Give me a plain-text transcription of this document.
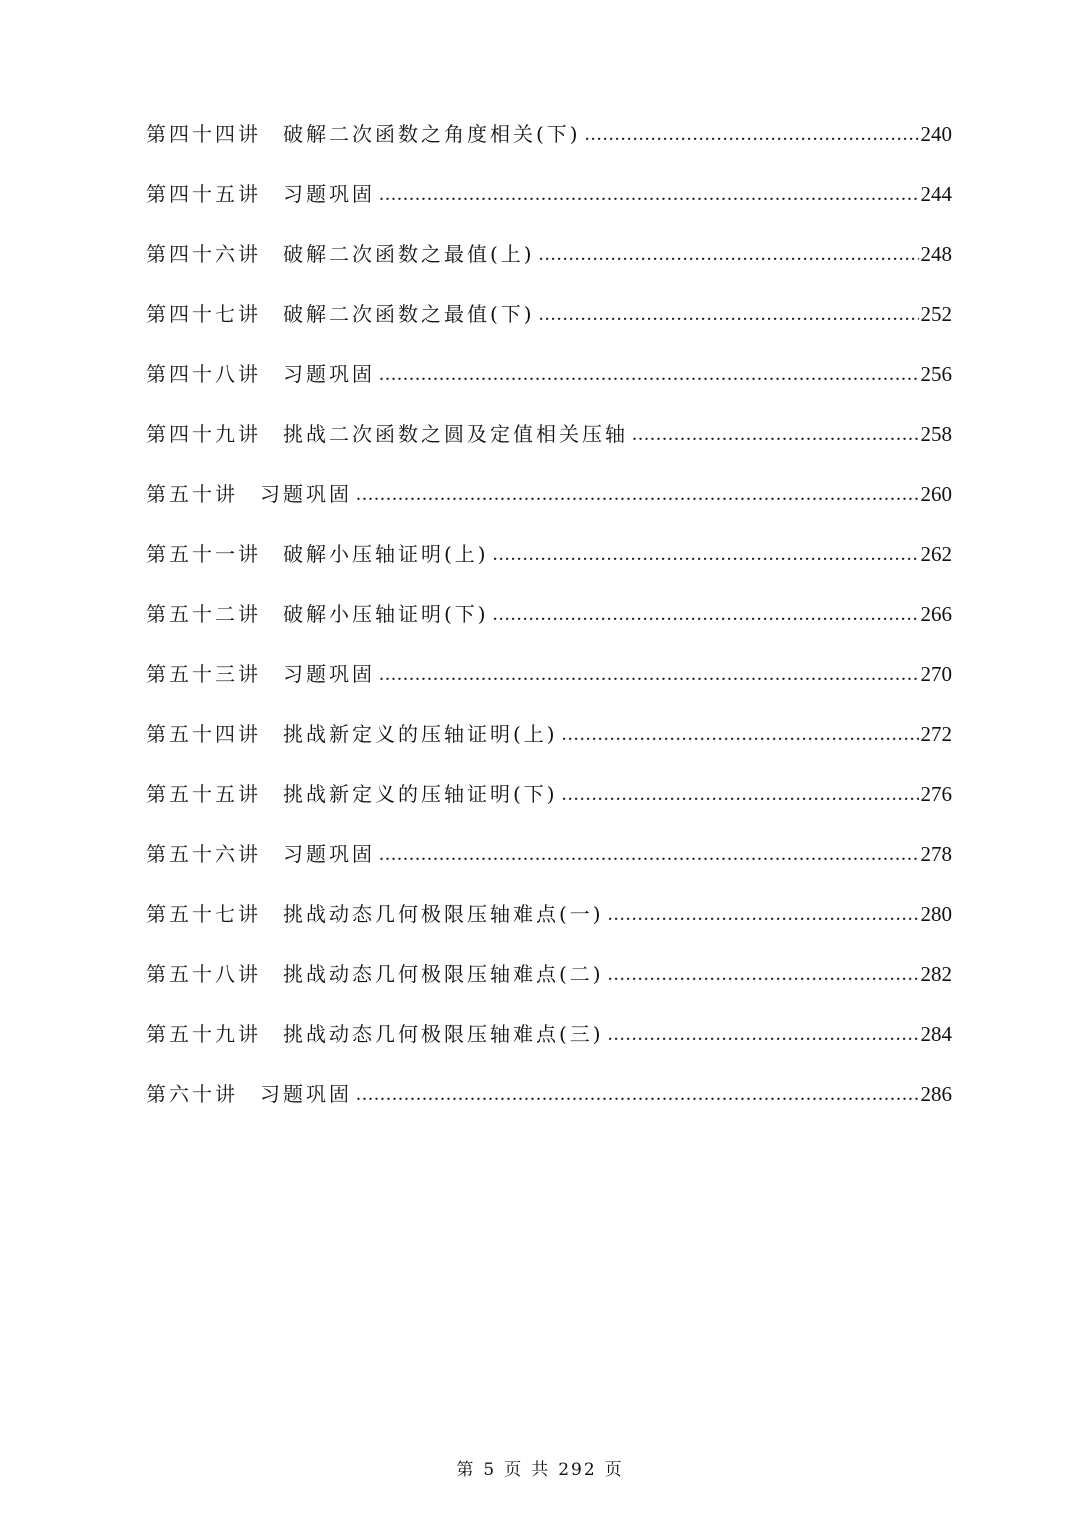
第四十四讲 破解二次函数之角度相关(下) .....	240
第四十五讲 习题巩固 .....	244
第四十六讲 破解二次函数之最值(上) .....	248
第四十七讲 破解二次函数之最值(下) .....	252
第四十八讲 习题巩固 .....	256
第四十九讲 挑战二次函数之圆及定值相关压轴 .....	258
第五十讲 习题巩固 .....	260
第五十一讲 破解小压轴证明(上) .....	262
第五十二讲 破解小压轴证明(下) .....	266
第五十三讲 习题巩固 .....	270
第五十四讲 挑战新定义的压轴证明(上) .....	272
第五十五讲 挑战新定义的压轴证明(下) .....	276
第五十六讲 习题巩固 .....	278
第五十七讲 挑战动态几何极限压轴难点(一) .....	280
第五十八讲 挑战动态几何极限压轴难点(二) .....	282
第五十九讲 挑战动态几何极限压轴难点(三) .....	284
第六十讲 习题巩固 .....	286
第 5 页 共 292 页
